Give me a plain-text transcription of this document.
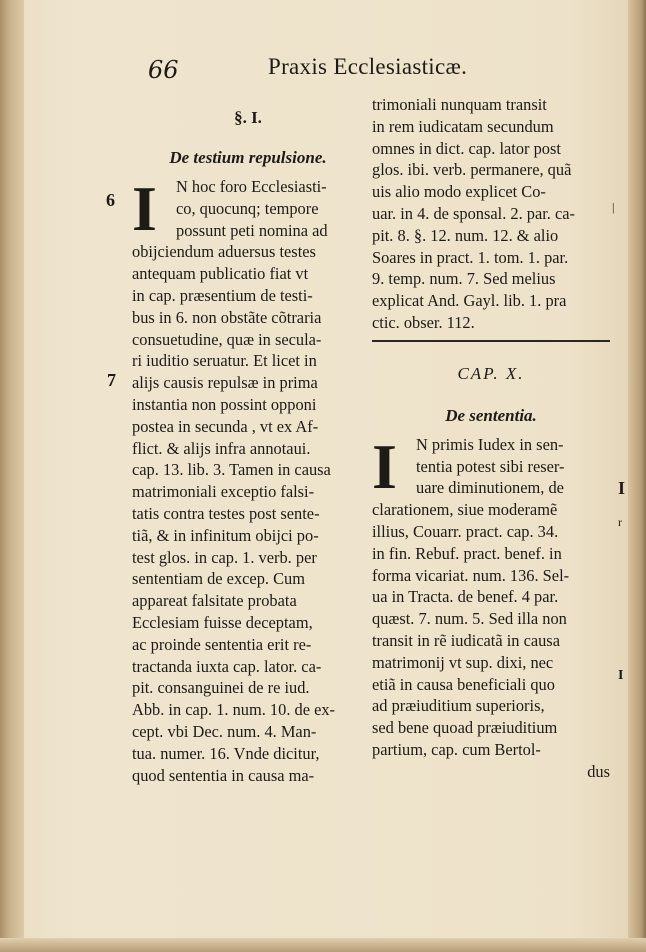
66	Praxis Ecclesiasticæ.
§. I.
De testium repulsione.
I	N hoc foro Ecclesiasti-
co, quocunq; tempore
possunt peti nomina ad
obijciendum aduersus testes
antequam publicatio fiat vt
in cap. præsentium de testi-
bus in 6. non obstãte cõtraria
consuetudine, quæ in secula-
ri iuditio seruatur. Et licet in
alijs causis repulsæ in prima
instantia non possint opponi
postea in secunda , vt ex Af-
flict. & alijs infra annotaui.
cap. 13. lib. 3. Tamen in causa
matrimoniali exceptio falsi-
tatis contra testes post sente-
tiã, & in infinitum obijci po-
test glos. in cap. 1. verb. per
sententiam de excep. Cum
appareat falsitate probata
Ecclesiam fuisse deceptam,
ac proinde sententia erit re-
tractanda iuxta cap. lator. ca-
pit. consanguinei de re iud.
Abb. in cap. 1. num. 10. de ex-
cept. vbi Dec. num. 4. Man-
tua. numer. 16. Vnde dicitur,
quod sententia in causa ma-
trimoniali nunquam transit
in rem iudicatam secundum
omnes in dict. cap. lator post
glos. ibi. verb. permanere, quã
uis alio modo explicet Co-
uar. in 4. de sponsal. 2. par. ca-
pit. 8. §. 12. num. 12. & alio
Soares in pract. 1. tom. 1. par.
9. temp. num. 7. Sed melius
explicat And. Gayl. lib. 1. pra
ctic. obser. 112.
CAP. X.
De sententia.
I	N primis Iudex in sen-
tentia potest sibi reser-
uare diminutionem, de
clarationem, siue moderamẽ
illius, Couarr. pract. cap. 34.
in fin. Rebuf. pract. benef. in
forma vicariat. num. 136. Sel-
ua in Tracta. de benef. 4 par.
quæst. 7. num. 5. Sed illa non
transit in rẽ iudicatã in causa
matrimonij vt sup. dixi, nec
etiã in causa beneficiali quo
ad præiuditium superioris,
sed bene quoad præiuditium
partium, cap. cum Bertol-
dus
6
7
|
I
r
I
